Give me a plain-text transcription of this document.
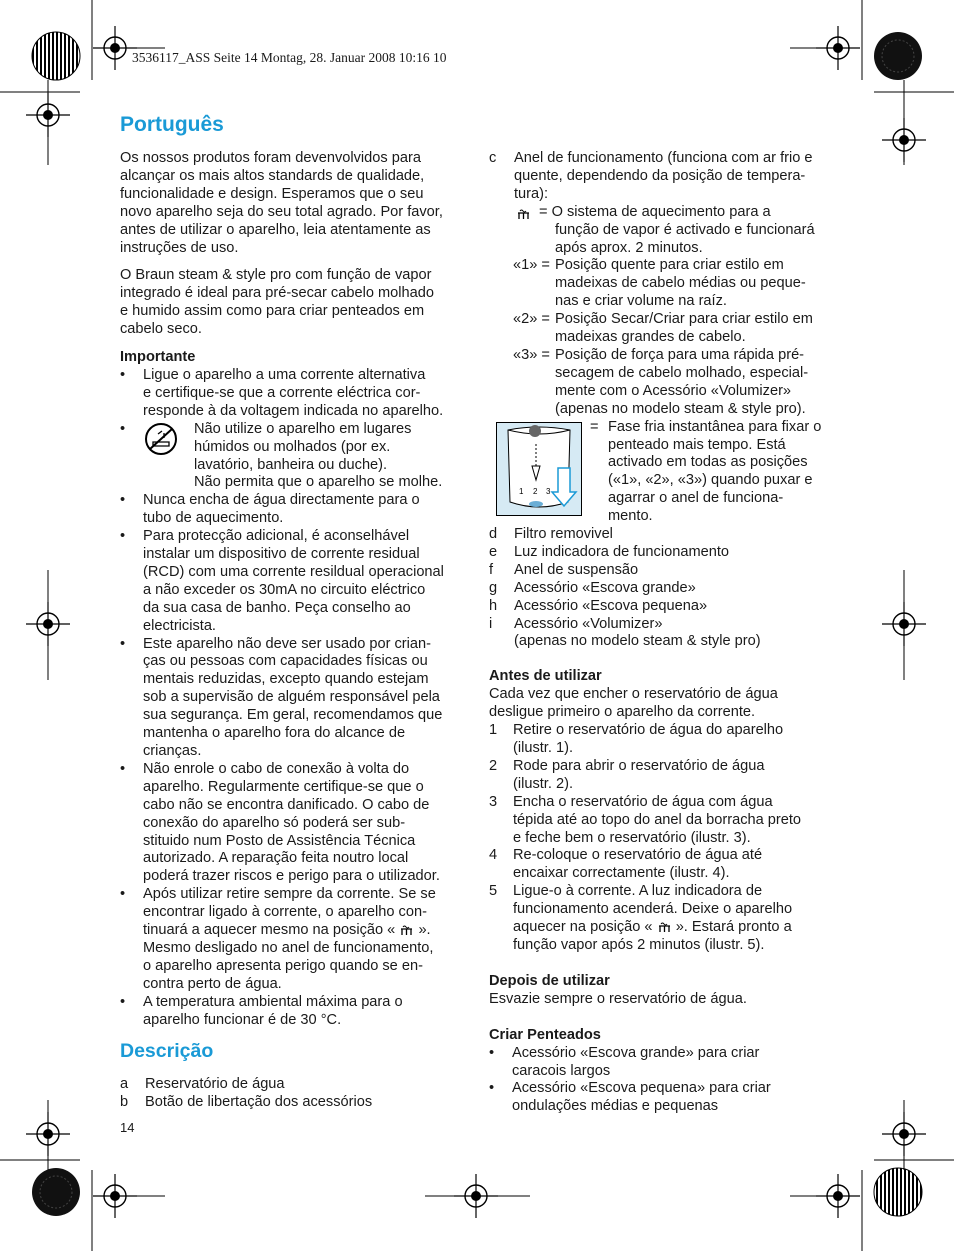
3536117_ASS Seite 14 Montag, 28. Januar 2008 10:16 10
Português

Os nossos produtos foram devenvolvidos para
alcançar os mais altos standards de qualidade,
funcionalidade e design. Esperamos que o seu
novo aparelho seja do seu total agrado. Por favor,
antes de utilizar o aparelho, leia atentamente as
instruções de uso.

O Braun steam & style pro com função de vapor
integrado é ideal para pré-secar cabelo molhado
e humido assim como para criar penteados em
cabelo seco.

Importante

• Ligue o aparelho a uma corrente alternativa
e certifique-se que a corrente eléctrica cor-
responde à da voltagem indicada no aparelho.
•	Não utilize o aparelho em lugares
húmidos ou molhados (por ex.
lavatório, banheira ou duche).
Não permita que o aparelho se molhe.
• Nunca encha de água directamente para o
tubo de aquecimento.
• Para protecção adicional, é aconselhável
instalar um dispositivo de corrente residual
(RCD) com uma corrente resildual operacional
a não exceder os 30mA no circuito eléctrico
da sua casa de banho. Peça conselho ao
electricista.
• Este aparelho não deve ser usado por crian-
ças ou pessoas com capacidades físicas ou
mentais reduzidas, excepto quando estejam
sob a supervisão de alguém responsável pela
sua segurança. Em geral, recomendamos que
mantenha o aparelho fora do alcance de
crianças.
• Não enrole o cabo de conexão à volta do
aparelho. Regularmente certifique-se que o
cabo não se encontra danificado. O cabo de
conexão do aparelho só poderá ser sub-
stituido num Posto de Assistência Técnica
autorizado. A reparação feita noutro local
poderá trazer riscos e perigo para o utilizador.
• Após utilizar retire sempre da corrente. Se se
encontrar ligado à corrente, o aparelho con-
tinuará a aquecer mesmo na posição « ».
Mesmo desligado no anel de funcionamento,
o aparelho apresenta perigo quando se en-
contra perto de água.
• A temperatura ambiental máxima para o
aparelho funcionar é de 30 °C.
Descrição
a Reservatório de água
b Botão de libertação dos acessórios
14
c Anel de funcionamento (funciona com ar frio e
quente, dependendo da posição de tempera-
tura):
= O sistema de aquecimento para a

função de vapor é activado e funcionará
após aprox. 2 minutos.
«1» = Posição quente para criar estilo em
madeixas de cabelo médias ou peque-
nas e criar volume na raíz.
«2» = Posição Secar/Criar para criar estilo em
madeixas grandes de cabelo.
«3» = Posição de força para uma rápida pré-
secagem de cabelo molhado, especial-
mente com o Acessório «Volumizer»
(apenas no modelo steam & style pro).
1 2 3
= Fase fria instantânea para fixar o
penteado mais tempo. Está
activado em todas as posições
(«1», «2», «3») quando puxar e
agarrar o anel de funciona-
mento.
d Filtro removivel
e Luz indicadora de funcionamento
f Anel de suspensão
g Acessório «Escova grande»
h Acessório «Escova pequena»
i Acessório «Volumizer»
(apenas no modelo steam & style pro)

Antes de utilizar

Cada vez que encher o reservatório de água
desligue primeiro o aparelho da corrente.

1 Retire o reservatório de água do aparelho
(ilustr. 1).
2 Rode para abrir o reservatório de água
(ilustr. 2).
3 Encha o reservatório de água com água
tépida até ao topo do anel da borracha preto
e feche bem o reservatório (ilustr. 3).
4 Re-coloque o reservatório de água até
encaixar correctamente (ilustr. 4).
5 Ligue-o à corrente. A luz indicadora de
funcionamento acenderá. Deixe o aparelho
aquecer na posição « ». Estará pronto a
função vapor após 2 minutos (ilustr. 5).

Depois de utilizar

Esvazie sempre o reservatório de água.

Criar Penteados

• Acessório «Escova grande» para criar
caracois largos
• Acessório «Escova pequena» para criar
ondulações médias e pequenas
